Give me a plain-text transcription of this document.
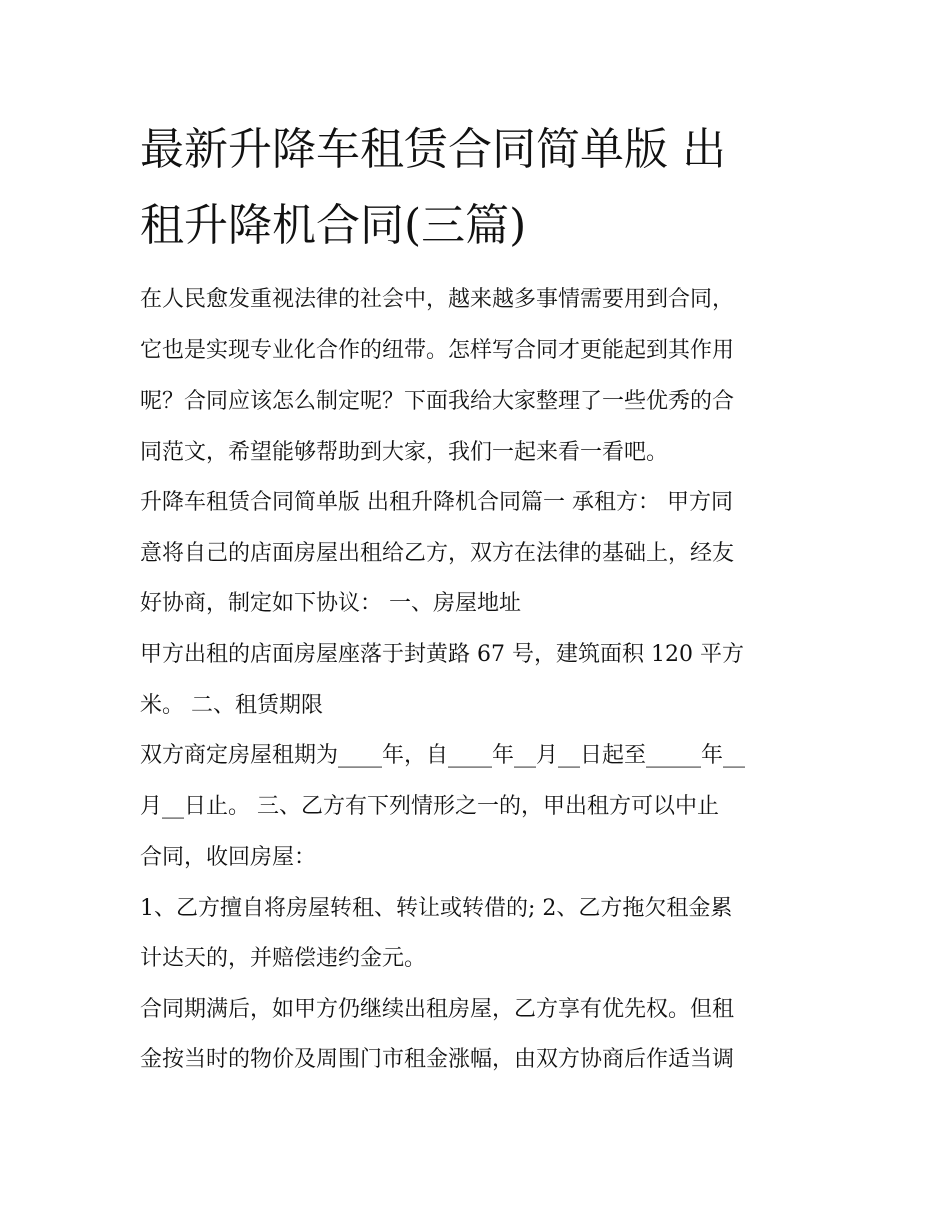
最新升降车租赁合同简单版 出
租升降机合同(三篇)
在人民愈发重视法律的社会中，越来越多事情需要用到合同，
它也是实现专业化合作的纽带。怎样写合同才更能起到其作用
呢？合同应该怎么制定呢？下面我给大家整理了一些优秀的合
同范文，希望能够帮助到大家，我们一起来看一看吧。
升降车租赁合同简单版 出租升降机合同篇一 承租方： 甲方同
意将自己的店面房屋出租给乙方，双方在法律的基础上，经友
好协商，制定如下协议： 一、房屋地址
甲方出租的店面房屋座落于封黄路 67 号，建筑面积 120 平方
米。 二、租赁期限
双方商定房屋租期为____年，自____年__月__日起至_____年__
月__日止。 三、乙方有下列情形之一的，甲出租方可以中止
合同，收回房屋：
1、乙方擅自将房屋转租、转让或转借的; 2、乙方拖欠租金累
计达天的，并赔偿违约金元。
合同期满后，如甲方仍继续出租房屋，乙方享有优先权。但租
金按当时的物价及周围门市租金涨幅，由双方协商后作适当调
